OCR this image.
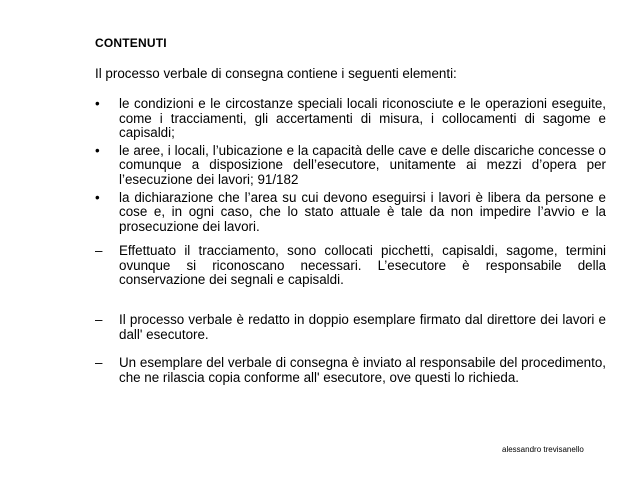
CONTENUTI
Il processo verbale di consegna contiene i seguenti elementi:
• le condizioni e le circostanze speciali locali riconosciute e le operazioni eseguite, come i tracciamenti, gli accertamenti di misura, i collocamenti di sagome e capisaldi;
• le aree, i locali, l’ubicazione e la capacità delle cave e delle discariche concesse o comunque a disposizione dell’esecutore, unitamente ai mezzi d’opera per l’esecuzione dei lavori; 91/182
• la dichiarazione che l’area su cui devono eseguirsi i lavori è libera da persone e cose e, in ogni caso, che lo stato attuale è tale da non impedire l’avvio e la prosecuzione dei lavori.
– Effettuato il tracciamento, sono collocati picchetti, capisaldi, sagome, termini ovunque si riconoscano necessari. L’esecutore è responsabile della conservazione dei segnali e capisaldi.
– Il processo verbale è redatto in doppio esemplare firmato dal direttore dei lavori e dall' esecutore.
– Un esemplare del verbale di consegna è inviato al responsabile del procedimento, che ne rilascia copia conforme all' esecutore, ove questi lo richieda.
alessandro trevisanello
